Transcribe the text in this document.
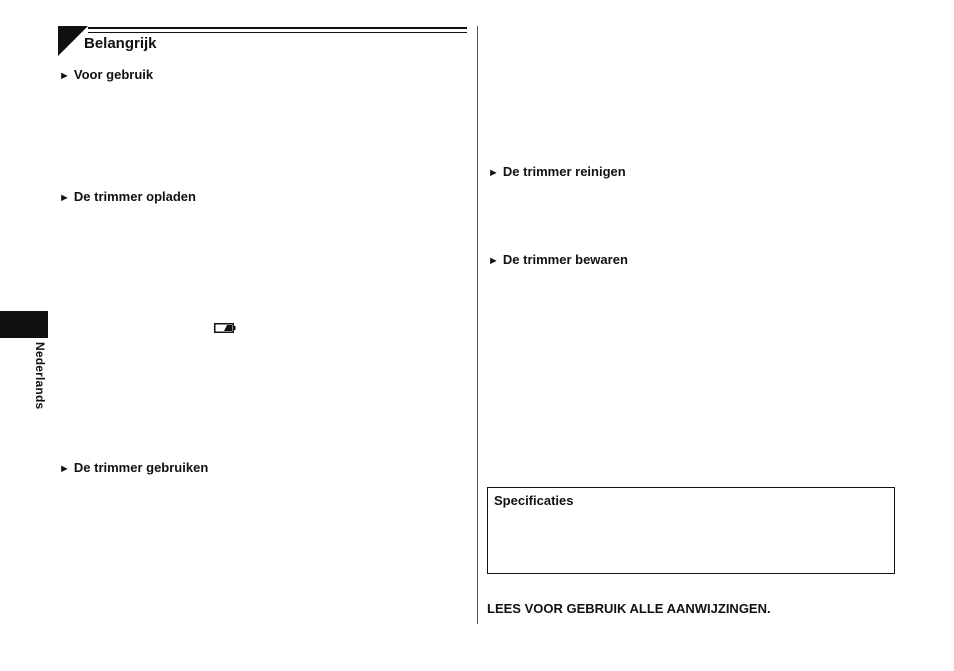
Belangrijk
► Voor gebruik
► De trimmer opladen
► De trimmer gebruiken
Nederlands
► De trimmer reinigen
► De trimmer bewaren
Specificaties
LEES VOOR GEBRUIK ALLE AANWIJZINGEN.
